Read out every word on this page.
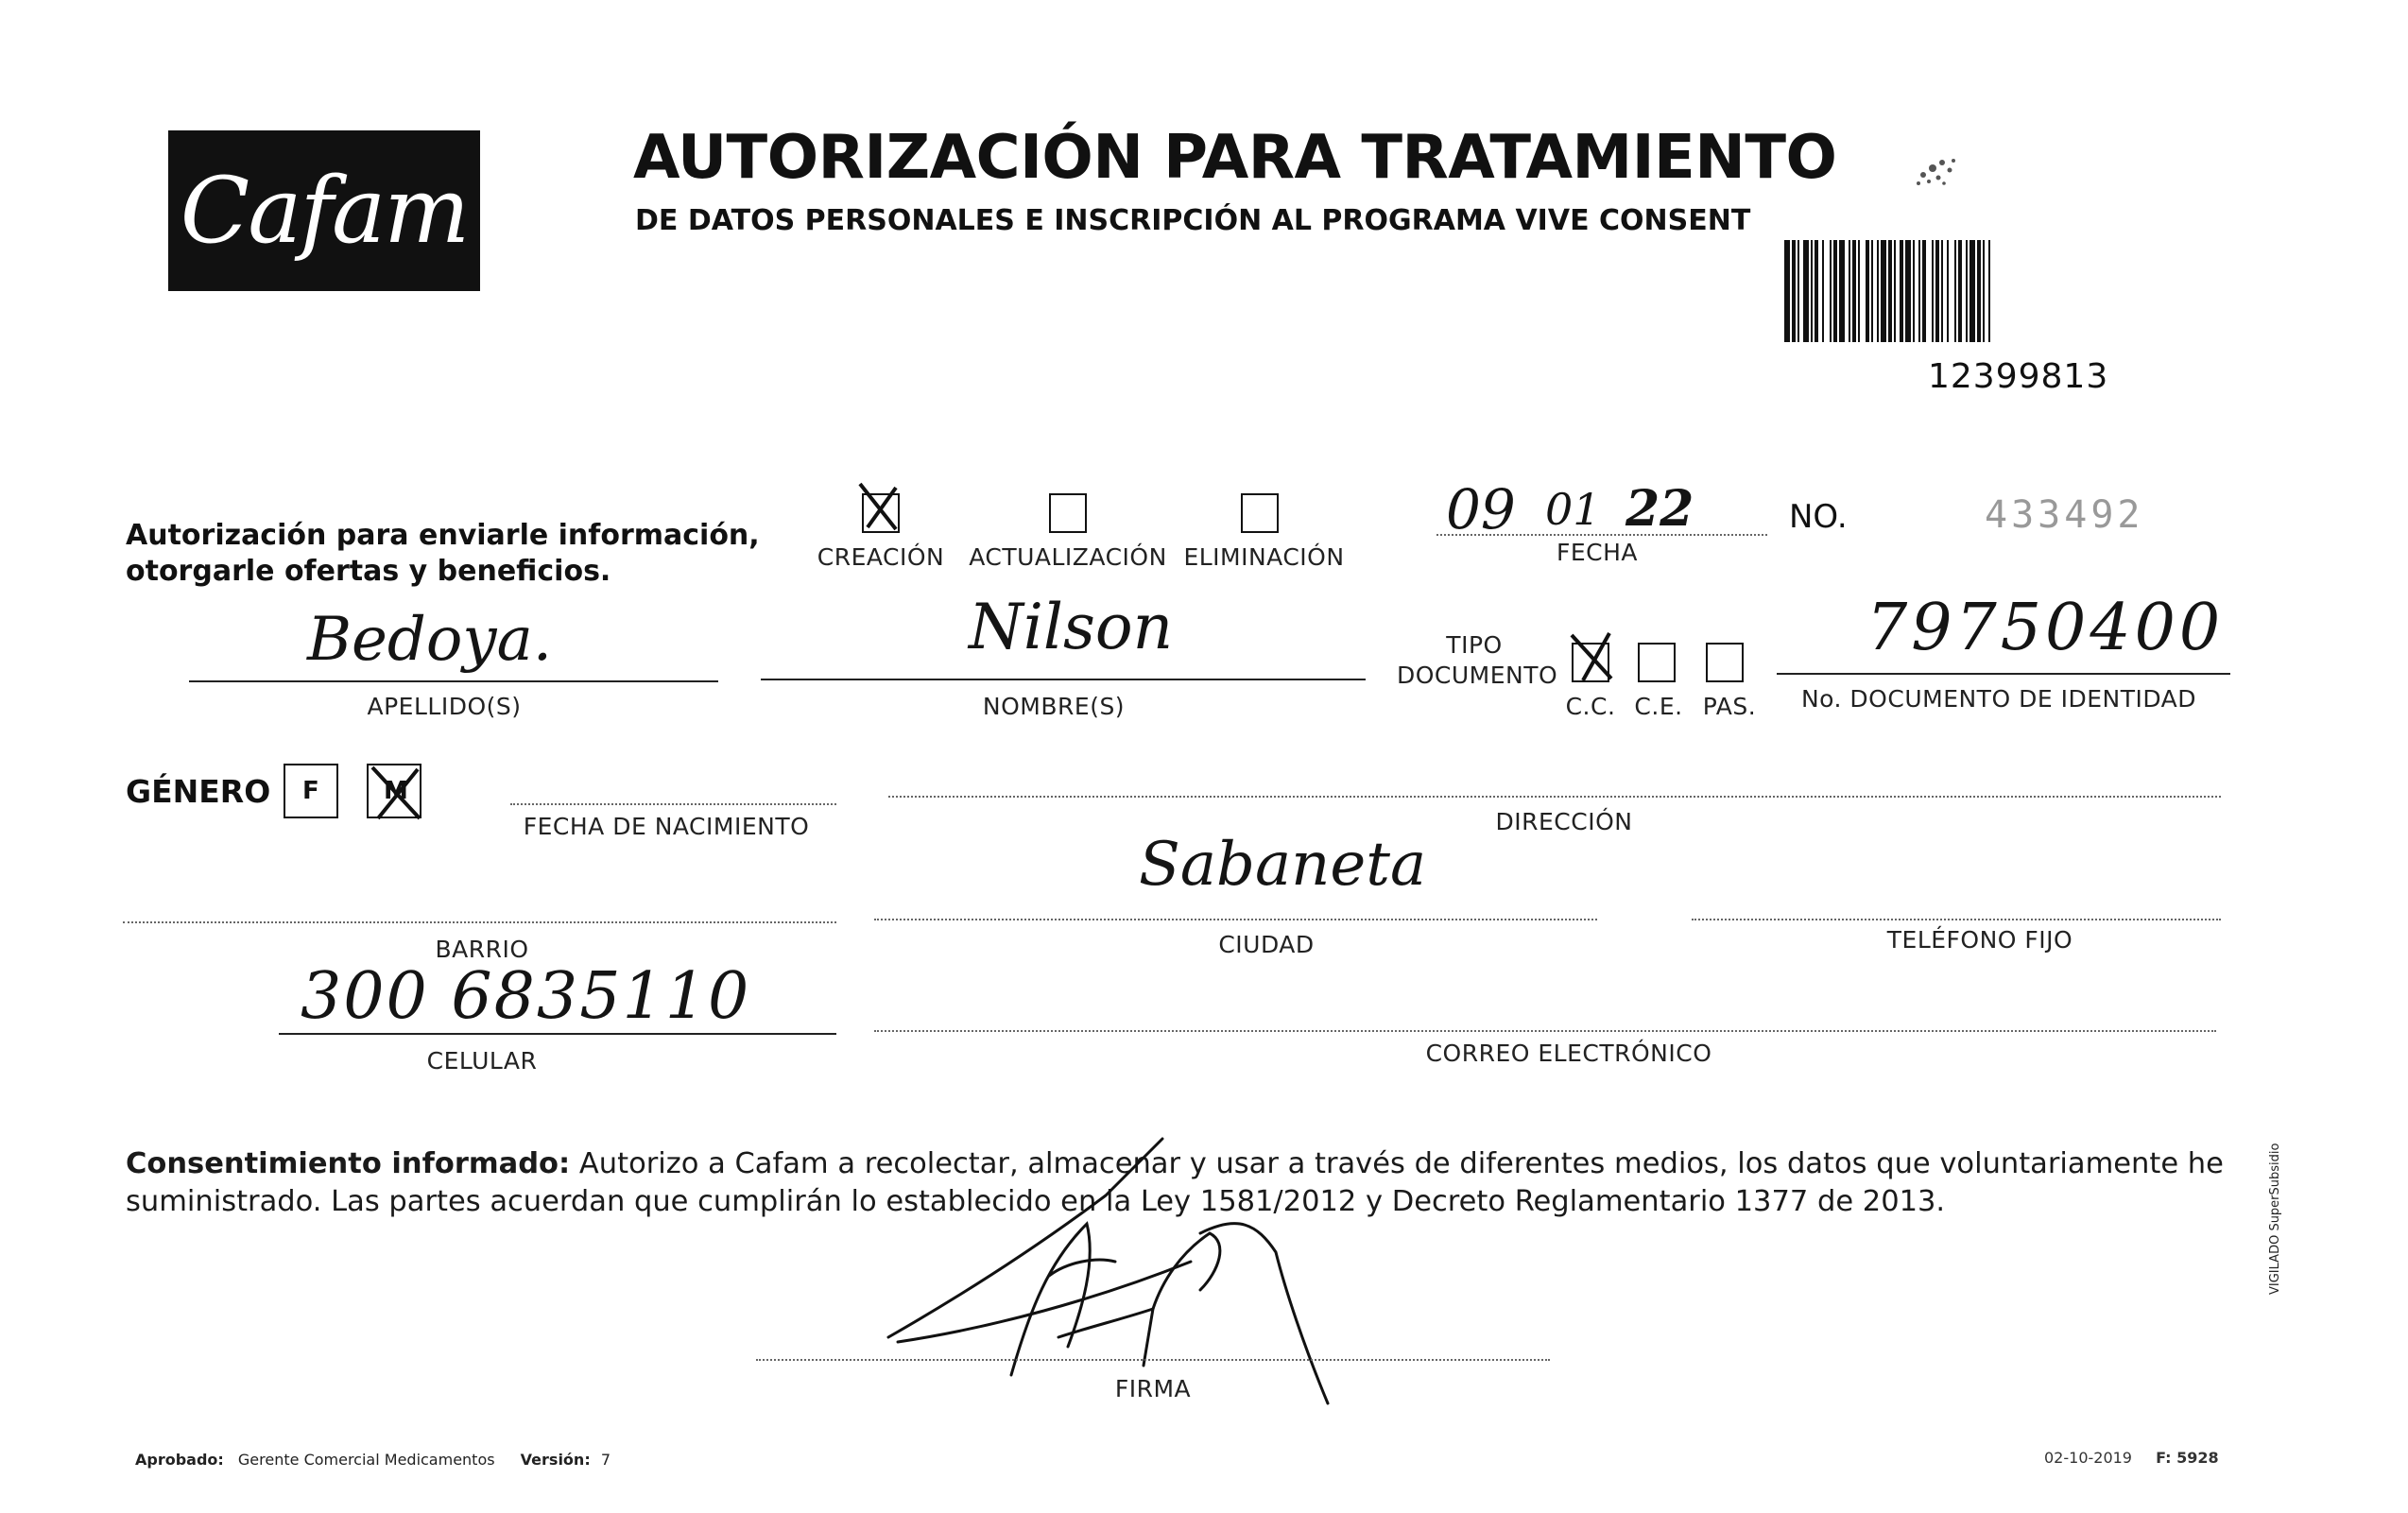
Cafam	AUTORIZACIÓN PARA TRATAMIENTO
DE DATOS PERSONALES E INSCRIPCIÓN AL PROGRAMA VIVE CONSENT
12399813
Autorización para enviarle información,
otorgarle ofertas y beneficios.	CREACIÓN	ACTUALIZACIÓN ELIMINACIÓN
09 01 22
FECHA
NO.	433492
Bedoya.
APELLIDO(S)
Nilson
NOMBRE(S)
TIPO
DOCUMENTO
C.C. C.E. PAS.
79750400
No. DOCUMENTO DE IDENTIDAD
GÉNERO F	M
FECHA DE NACIMIENTO	DIRECCIÓN
BARRIO
Sabaneta
CIUDAD	TELÉFONO FIJO
300 6835110
CELULAR	CORREO ELECTRÓNICO
Consentimiento informado: Autorizo a Cafam a recolectar, almacenar y usar a través de diferentes medios, los datos que voluntariamente he suministrado. Las partes acuerdan que cumplirán lo establecido en la Ley 1581/2012 y Decreto Reglamentario 1377 de 2013.
FIRMA
Aprobado: Gerente Comercial Medicamentos Versión: 7	02-10-2019 F: 5928
VIGILADO SuperSubsidio
